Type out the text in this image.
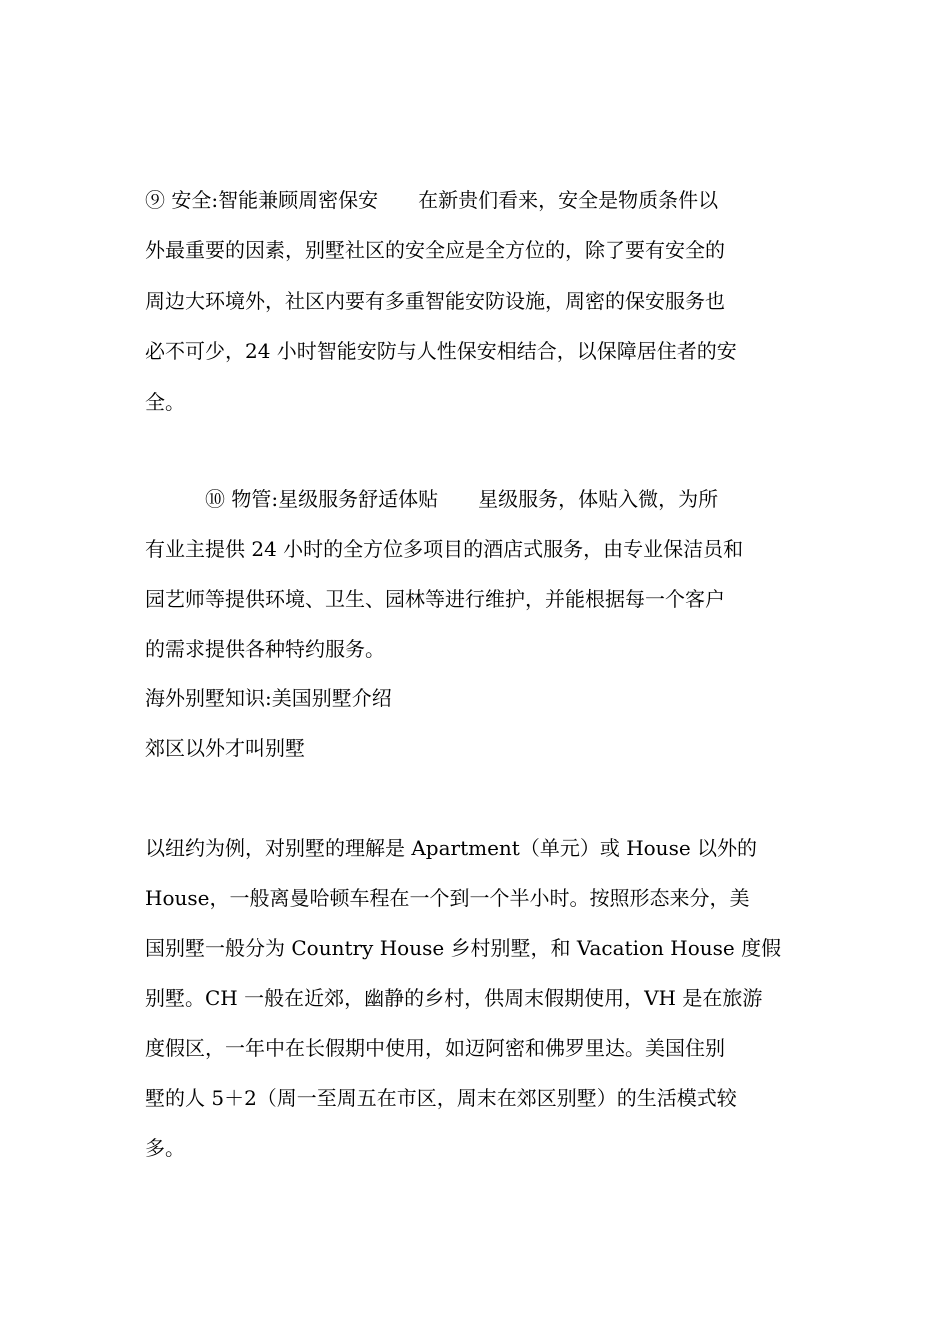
⑨ 安全:智能兼顾周密保安　　在新贵们看来，安全是物质条件以
外最重要的因素，别墅社区的安全应是全方位的，除了要有安全的
周边大环境外，社区内要有多重智能安防设施，周密的保安服务也
必不可少，24 小时智能安防与人性保安相结合，以保障居住者的安
全。
　　　⑩ 物管:星级服务舒适体贴　　星级服务，体贴入微，为所
有业主提供 24 小时的全方位多项目的酒店式服务，由专业保洁员和
园艺师等提供环境、卫生、园林等进行维护，并能根据每一个客户
的需求提供各种特约服务。
海外别墅知识:美国别墅介绍
郊区以外才叫别墅
以纽约为例，对别墅的理解是 Apartment（单元）或 House 以外的
House，一般离曼哈顿车程在一个到一个半小时。按照形态来分，美
国别墅一般分为 Country House 乡村别墅，和 Vacation House 度假
别墅。CH 一般在近郊，幽静的乡村，供周末假期使用，VH 是在旅游
度假区，一年中在长假期中使用，如迈阿密和佛罗里达。美国住别
墅的人 5＋2（周一至周五在市区，周末在郊区别墅）的生活模式较
多。
